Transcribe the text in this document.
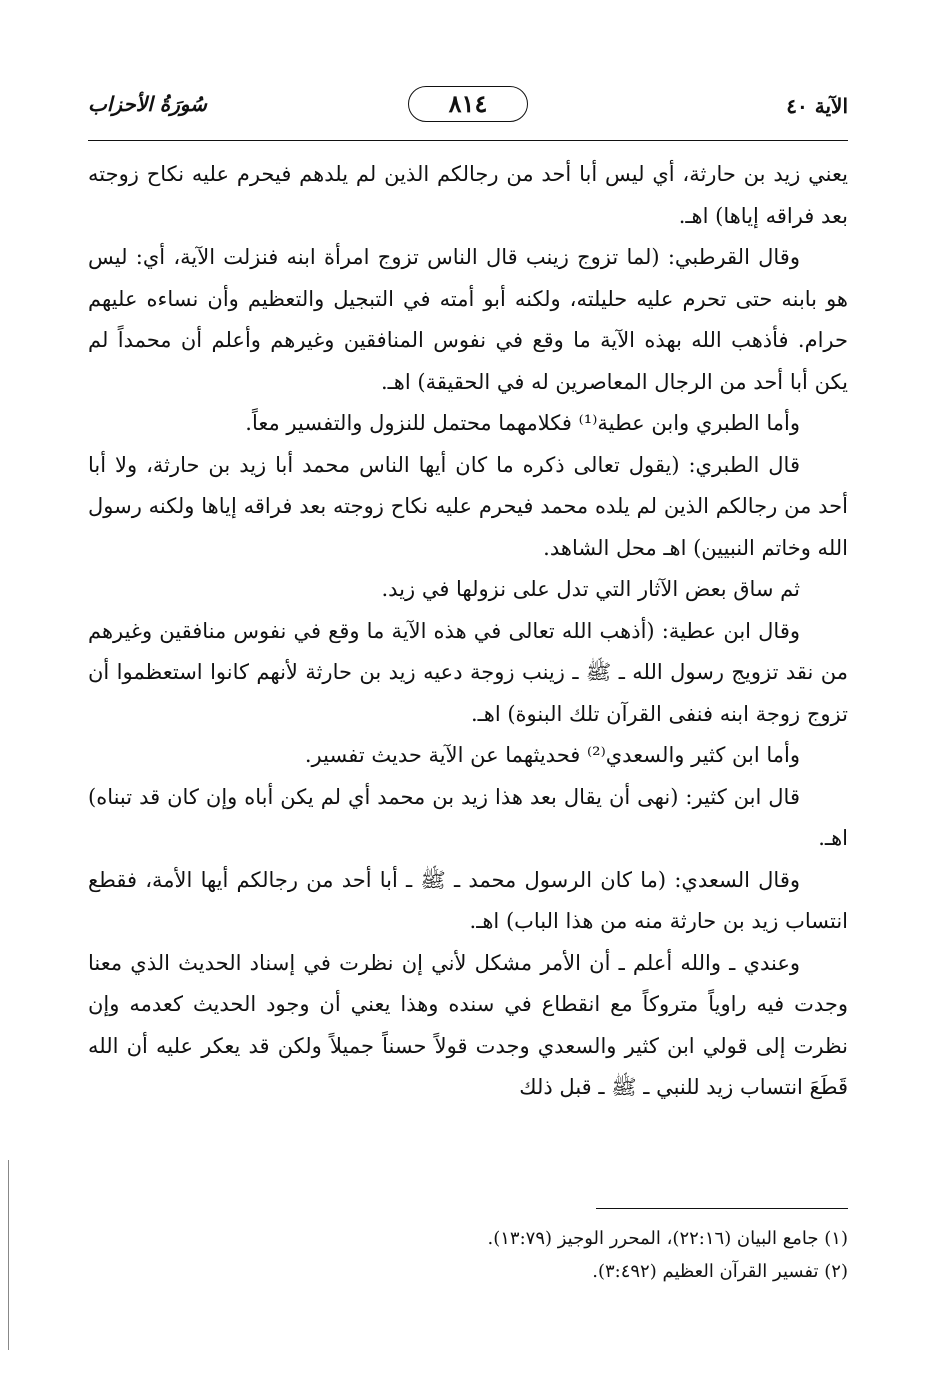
الآية ٤٠
٨١٤
سُورَةُ الأحزاب

يعني زيد بن حارثة، أي ليس أبا أحد من رجالكم الذين لم يلدهم فيحرم عليه نكاح زوجته بعد فراقه إياها) اهـ.

وقال القرطبي: (لما تزوج زينب قال الناس تزوج امرأة ابنه فنزلت الآية، أي: ليس هو بابنه حتى تحرم عليه حليلته، ولكنه أبو أمته في التبجيل والتعظيم وأن نساءه عليهم حرام. فأذهب الله بهذه الآية ما وقع في نفوس المنافقين وغيرهم وأعلم أن محمداً لم يكن أبا أحد من الرجال المعاصرين له في الحقيقة) اهـ.

وأما الطبري وابن عطية⁽¹⁾ فكلامهما محتمل للنزول والتفسير معاً.

قال الطبري: (يقول تعالى ذكره ما كان أيها الناس محمد أبا زيد بن حارثة، ولا أبا أحد من رجالكم الذين لم يلده محمد فيحرم عليه نكاح زوجته بعد فراقه إياها ولكنه رسول الله وخاتم النبيين) اهـ محل الشاهد.

ثم ساق بعض الآثار التي تدل على نزولها في زيد.

وقال ابن عطية: (أذهب الله تعالى في هذه الآية ما وقع في نفوس منافقين وغيرهم من نقد تزويج رسول الله ـ ﷺ ـ زينب زوجة دعيه زيد بن حارثة لأنهم كانوا استعظموا أن تزوج زوجة ابنه فنفى القرآن تلك البنوة) اهـ.

وأما ابن كثير والسعدي⁽²⁾ فحديثهما عن الآية حديث تفسير.

قال ابن كثير: (نهى أن يقال بعد هذا زيد بن محمد أي لم يكن أباه وإن كان قد تبناه) اهـ.

وقال السعدي: (ما كان الرسول محمد ـ ﷺ ـ أبا أحد من رجالكم أيها الأمة، فقطع انتساب زيد بن حارثة منه من هذا الباب) اهـ.

وعندي ـ والله أعلم ـ أن الأمر مشكل لأني إن نظرت في إسناد الحديث الذي معنا وجدت فيه راوياً متروكاً مع انقطاع في سنده وهذا يعني أن وجود الحديث كعدمه وإن نظرت إلى قولي ابن كثير والسعدي وجدت قولاً حسناً جميلاً ولكن قد يعكر عليه أن الله قَطَعَ انتساب زيد للنبي ـ ﷺ ـ قبل ذلك

(١) جامع البيان (٢٢:١٦)، المحرر الوجيز (١٣:٧٩).

(٢) تفسير القرآن العظيم (٣:٤٩٢).
